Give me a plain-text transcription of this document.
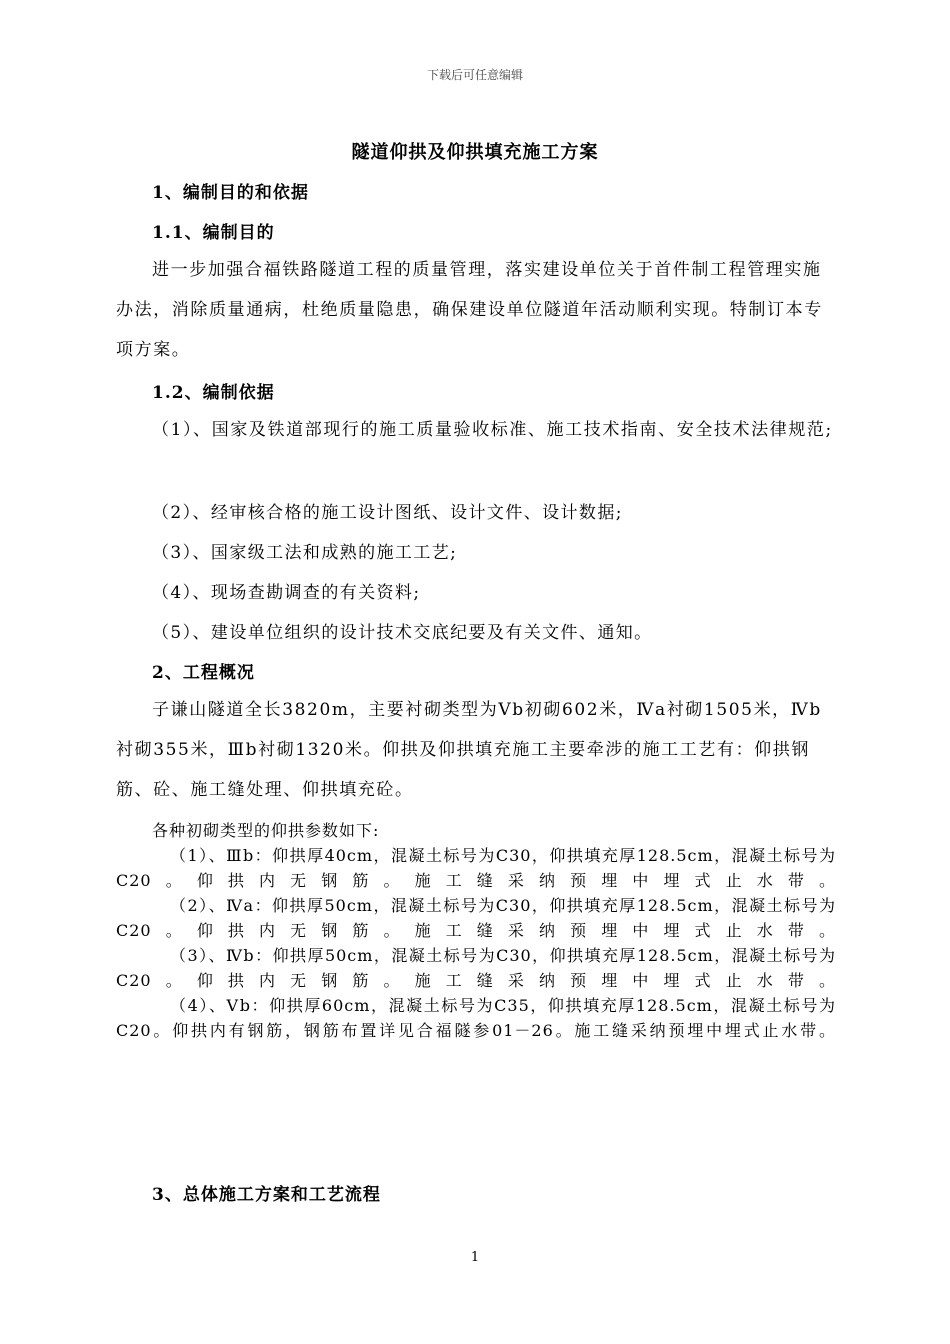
下载后可任意编辑
隧道仰拱及仰拱填充施工方案
1、编制目的和依据
1.1、编制目的

进一步加强合福铁路隧道工程的质量管理，落实建设单位关于首件制工程管理实施办法，消除质量通病，杜绝质量隐患，确保建设单位隧道年活动顺利实现。特制订本专项方案。

1.2、编制依据

（1）、国家及铁道部现行的施工质量验收标准、施工技术指南、安全技术法律规范;

（2）、经审核合格的施工设计图纸、设计文件、设计数据;
（3）、国家级工法和成熟的施工工艺;
（4）、现场查勘调查的有关资料;
（5）、建设单位组织的设计技术交底纪要及有关文件、通知。
2、工程概况

子谦山隧道全长3820m，主要衬砌类型为Ⅴb初砌602米，Ⅳa衬砌1505米，Ⅳb衬砌355米，Ⅲb衬砌1320米。仰拱及仰拱填充施工主要牵涉的施工工艺有：仰拱钢筋、砼、施工缝处理、仰拱填充砼。

各种初砌类型的仰拱参数如下:
（1）、Ⅲb：仰拱厚40cm，混凝土标号为C30，仰拱填充厚128.5cm，混凝土标号为C20。仰拱内无钢筋。施工缝采纳预埋中埋式止水带。
（2）、Ⅳa：仰拱厚50cm，混凝土标号为C30，仰拱填充厚128.5cm，混凝土标号为C20。仰拱内无钢筋。施工缝采纳预埋中埋式止水带。
（3）、Ⅳb：仰拱厚50cm，混凝土标号为C30，仰拱填充厚128.5cm，混凝土标号为C20。仰拱内无钢筋。施工缝采纳预埋中埋式止水带。
（4）、Ⅴb：仰拱厚60cm，混凝土标号为C35，仰拱填充厚128.5cm，混凝土标号为C20。仰拱内有钢筋，钢筋布置详见合福隧参01－26。施工缝采纳预埋中埋式止水带。
3、总体施工方案和工艺流程
1
